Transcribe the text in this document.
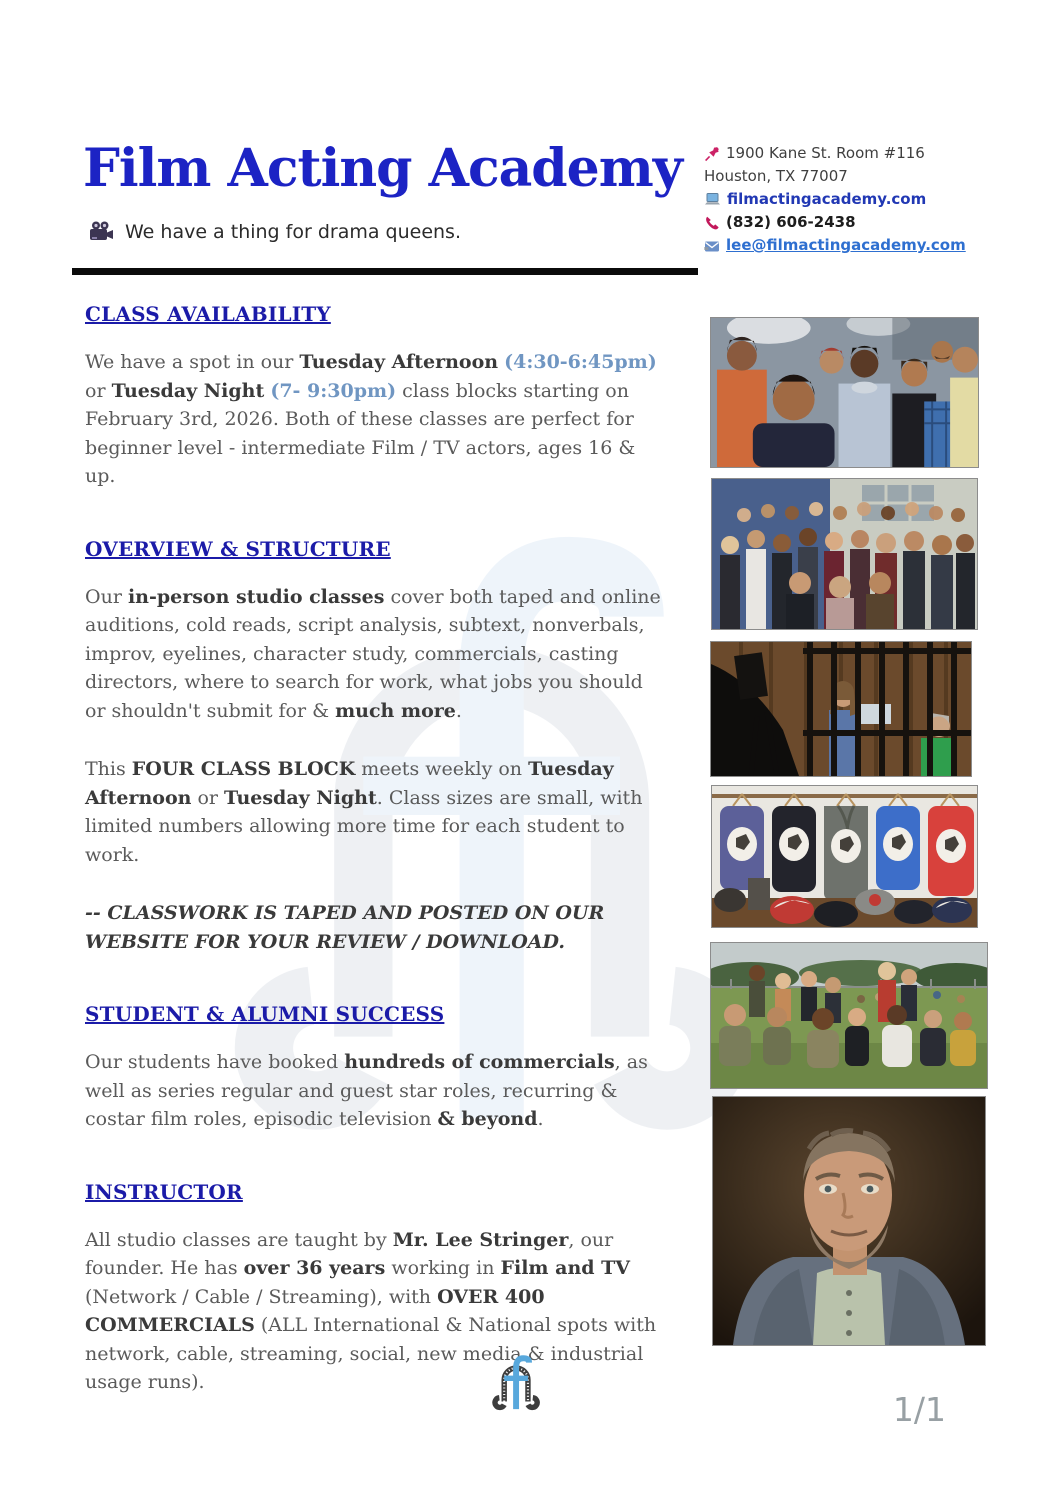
Film Acting Academy
We have a thing for drama queens.
1900 Kane St. Room #116
Houston, TX 77007
filmactingacademy.com
(832) 606-2438
lee@filmactingacademy.com
CLASS AVAILABILITY

We have a spot in our Tuesday Afternoon (4:30-6:45pm) or Tuesday Night (7- 9:30pm) class blocks starting on February 3rd, 2026. Both of these classes are perfect for beginner level - intermediate Film / TV actors, ages 16 & up.

OVERVIEW & STRUCTURE

Our in-person studio classes cover both taped and online auditions, cold reads, script analysis, subtext, nonverbals, improv, eyelines, character study, commercials, casting directors, where to search for work, what jobs you should or shouldn't submit for & much more.

This FOUR CLASS BLOCK meets weekly on Tuesday Afternoon or Tuesday Night. Class sizes are small, with limited numbers allowing more time for each student to work.

-- CLASSWORK IS TAPED AND POSTED ON OUR WEBSITE FOR YOUR REVIEW / DOWNLOAD.

STUDENT & ALUMNI SUCCESS

Our students have booked hundreds of commercials, as well as series regular and guest star roles, recurring & costar film roles, episodic television & beyond.

INSTRUCTOR

All studio classes are taught by Mr. Lee Stringer, our founder. He has over 36 years working in Film and TV (Network / Cable / Streaming), with OVER 400 COMMERCIALS (ALL International & National spots with network, cable, streaming, social, new media & industrial usage runs).

1/1
